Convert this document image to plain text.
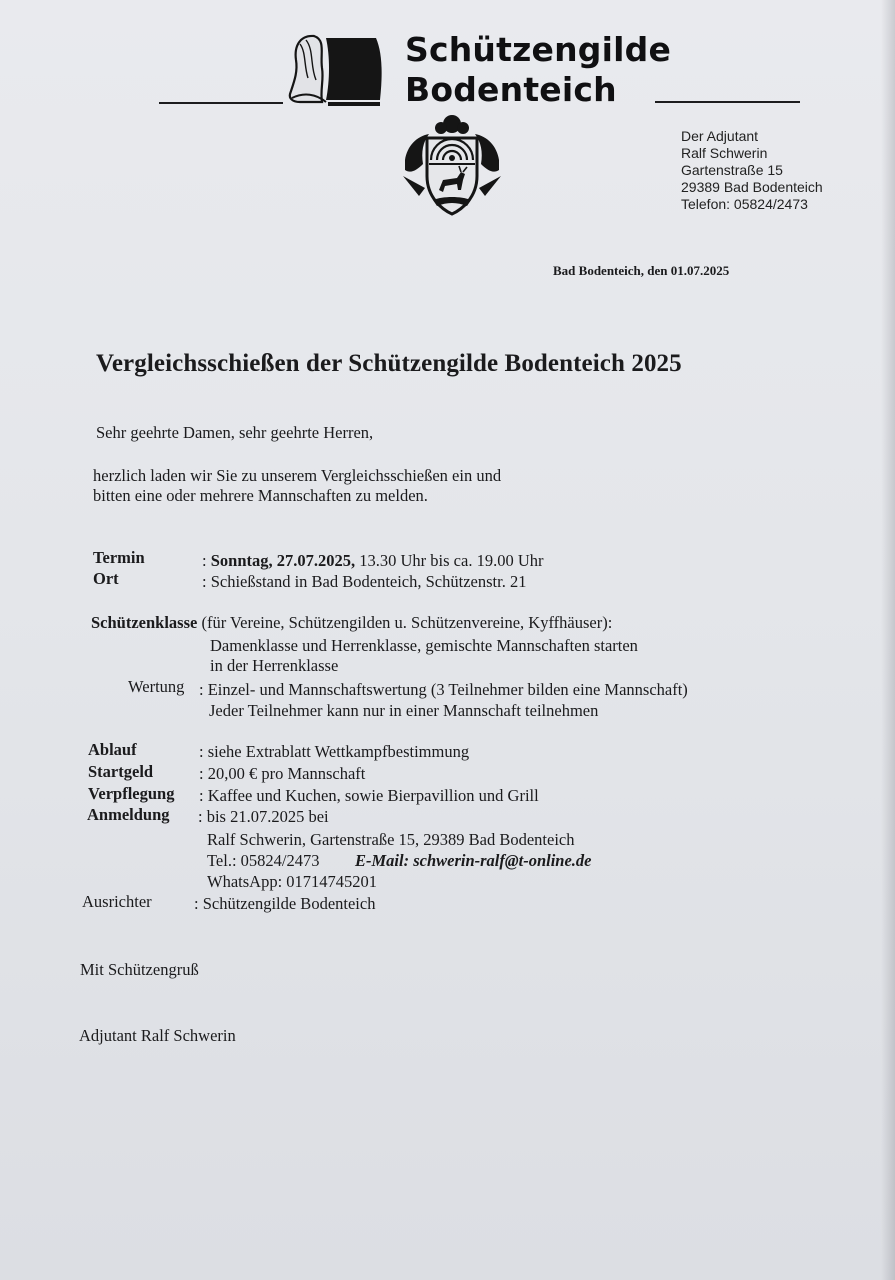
Schützengilde
Bodenteich
Der Adjutant
Ralf Schwerin
Gartenstraße 15
29389 Bad Bodenteich
Telefon: 05824/2473
Bad Bodenteich, den 01.07.2025
Vergleichsschießen der Schützengilde Bodenteich 2025
Sehr geehrte Damen, sehr geehrte Herren,
herzlich laden wir Sie zu unserem Vergleichsschießen ein und
bitten eine oder mehrere Mannschaften zu melden.
Termin	: Sonntag, 27.07.2025, 13.30 Uhr bis ca. 19.00 Uhr
Ort	: Schießstand in Bad Bodenteich, Schützenstr. 21
Schützenklasse (für Vereine, Schützengilden u. Schützenvereine, Kyffhäuser):
Damenklasse und Herrenklasse, gemischte Mannschaften starten
in der Herrenklasse
Wertung : Einzel- und Mannschaftswertung (3 Teilnehmer bilden eine Mannschaft)
Jeder Teilnehmer kann nur in einer Mannschaft teilnehmen
Ablauf	: siehe Extrablatt Wettkampfbestimmung
Startgeld	: 20,00 € pro Mannschaft
Verpflegung : Kaffee und Kuchen, sowie Bierpavillion und Grill
Anmeldung : bis 21.07.2025 bei
Ralf Schwerin, Gartenstraße 15, 29389 Bad Bodenteich
Tel.: 05824/2473 E-Mail: schwerin-ralf@t-online.de
WhatsApp: 01714745201
Ausrichter	: Schützengilde Bodenteich
Mit Schützengruß
Adjutant Ralf Schwerin
